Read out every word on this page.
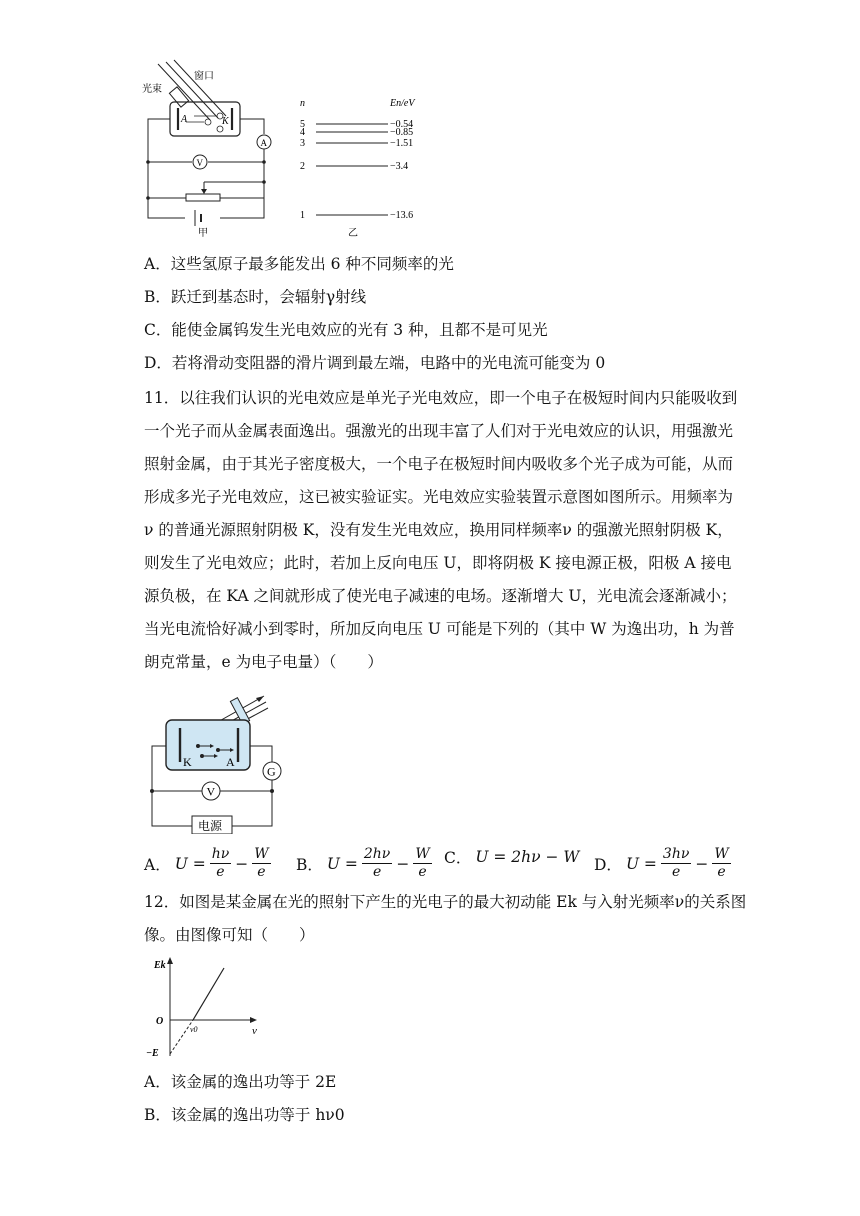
光束
窗口
A	K
A
V
甲
n	En/eV
5	−0.54
4	−0.85
3	−1.51
2	−3.4
1	−13.6
乙
A．这些氢原子最多能发出 6 种不同频率的光
B．跃迁到基态时，会辐射γ射线
C．能使金属钨发生光电效应的光有 3 种，且都不是可见光
D．若将滑动变阻器的滑片调到最左端，电路中的光电流可能变为 0
11．以往我们认识的光电效应是单光子光电效应，即一个电子在极短时间内只能吸收到
一个光子而从金属表面逸出。强激光的出现丰富了人们对于光电效应的认识，用强激光
照射金属，由于其光子密度极大，一个电子在极短时间内吸收多个光子成为可能，从而
形成多光子光电效应，这已被实验证实。光电效应实验装置示意图如图所示。用频率为
ν 的普通光源照射阴极 K，没有发生光电效应，换用同样频率ν 的强激光照射阴极 K，
则发生了光电效应；此时，若加上反向电压 U，即将阴极 K 接电源正极，阳极 A 接电
源负极，在 KA 之间就形成了使光电子减速的电场。逐渐增大 U，光电流会逐渐减小；
当光电流恰好减小到零时，所加反向电压 U 可能是下列的（其中 W 为逸出功，h 为普
朗克常量，e 为电子电量）（　　）
K	A
G
V
电源
A． $U = \frac{h\nu}{e} - \frac{W}{e}$ B． $U = \frac{2h\nu}{e} - \frac{W}{e}$ C． U = 2hν − W D． $U = \frac{3h\nu}{e} - \frac{W}{e}$
12．如图是某金属在光的照射下产生的光电子的最大初动能 Ek 与入射光频率ν的关系图
像。由图像可知（　　）
Ek
ν
O
ν0
−E
A．该金属的逸出功等于 2E
B．该金属的逸出功等于 hν0
